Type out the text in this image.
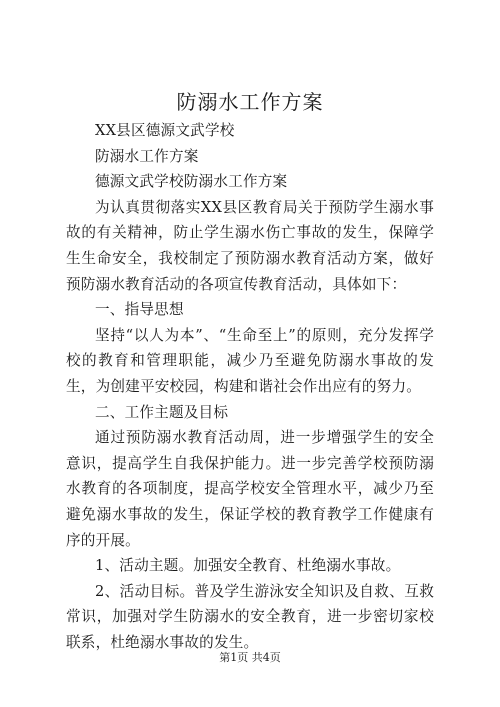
防溺水工作方案

XX县区德源文武学校

防溺水工作方案

德源文武学校防溺水工作方案

为认真贯彻落实XX县区教育局关于预防学生溺水事故的有关精神，防止学生溺水伤亡事故的发生，保障学生生命安全，我校制定了预防溺水教育活动方案，做好预防溺水教育活动的各项宣传教育活动，具体如下：

一、指导思想

坚持“以人为本”、“生命至上”的原则，充分发挥学校的教育和管理职能，减少乃至避免防溺水事故的发生，为创建平安校园，构建和谐社会作出应有的努力。

二、工作主题及目标

通过预防溺水教育活动周，进一步增强学生的安全意识，提高学生自我保护能力。进一步完善学校预防溺水教育的各项制度，提高学校安全管理水平，减少乃至避免溺水事故的发生，保证学校的教育教学工作健康有序的开展。

1、活动主题。加强安全教育、杜绝溺水事故。

2、活动目标。普及学生游泳安全知识及自救、互救常识，加强对学生防溺水的安全教育，进一步密切家校联系，杜绝溺水事故的发生。

第1页 共4页
